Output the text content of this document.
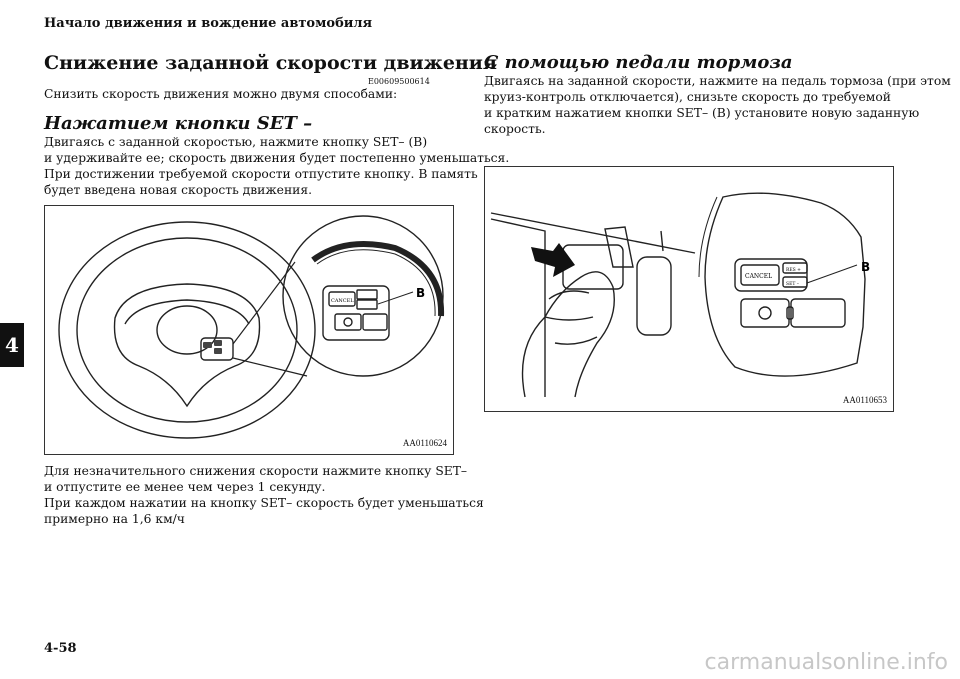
Начало движения и вождение автомобиля
4
Снижение заданной скорости движения
E00609500614
Снизить скорость движения можно двумя способами:
Нажатием кнопки SET –
Двигаясь с заданной скоростью, нажмите кнопку SET– (B)
и удерживайте ее; скорость движения будет постепенно уменьшаться.
При достижении требуемой скорости отпустите кнопку. В память
будет введена новая скорость движения.
CANCEL
B
AA0110624
Для незначительного снижения скорости нажмите кнопку SET–
и отпустите ее менее чем через 1 секунду.
При каждом нажатии на кнопку SET– скорость будет уменьшаться
примерно на 1,6 км/ч
С помощью педали тормоза
Двигаясь на заданной скорости, нажмите на педаль тормоза (при этом
круиз-контроль отключается), снизьте скорость до требуемой
и кратким нажатием кнопки SET– (B) установите новую заданную
скорость.
CANCEL
RES +
SET –
B
AA0110653
4-58
carmanualsonline.info
